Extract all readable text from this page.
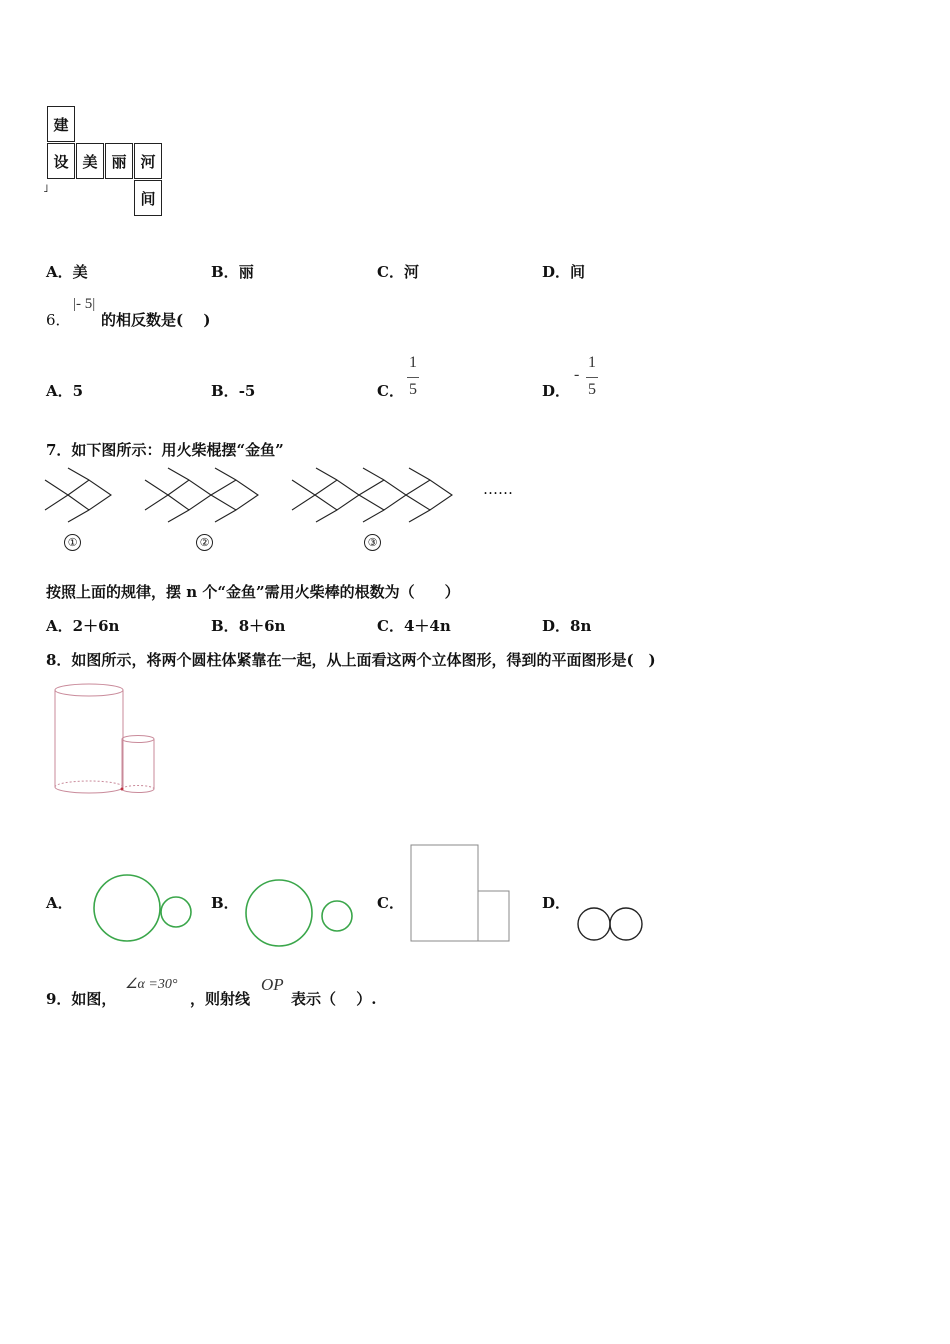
建
设 美 丽 河
间
˩
A．美	B．丽	C．河	D．间
6．
|- 5|
的相反数是(　 )
A．5	B．-5	C．
1
5	D．
-
1
5
7．如下图所示：用火柴棍摆“金鱼”
……
①	②	③
按照上面的规律，摆 n 个“金鱼”需用火柴棒的根数为（　　）
A．2＋6n	B．8＋6n	C．4＋4n	D．8n
8．如图所示，将两个圆柱体紧靠在一起，从上面看这两个立体图形，得到的平面图形是(　)
A．	B．	C．	D．
9．如图，
∠α =30°
，则射线
OP
表示（　 ）.
